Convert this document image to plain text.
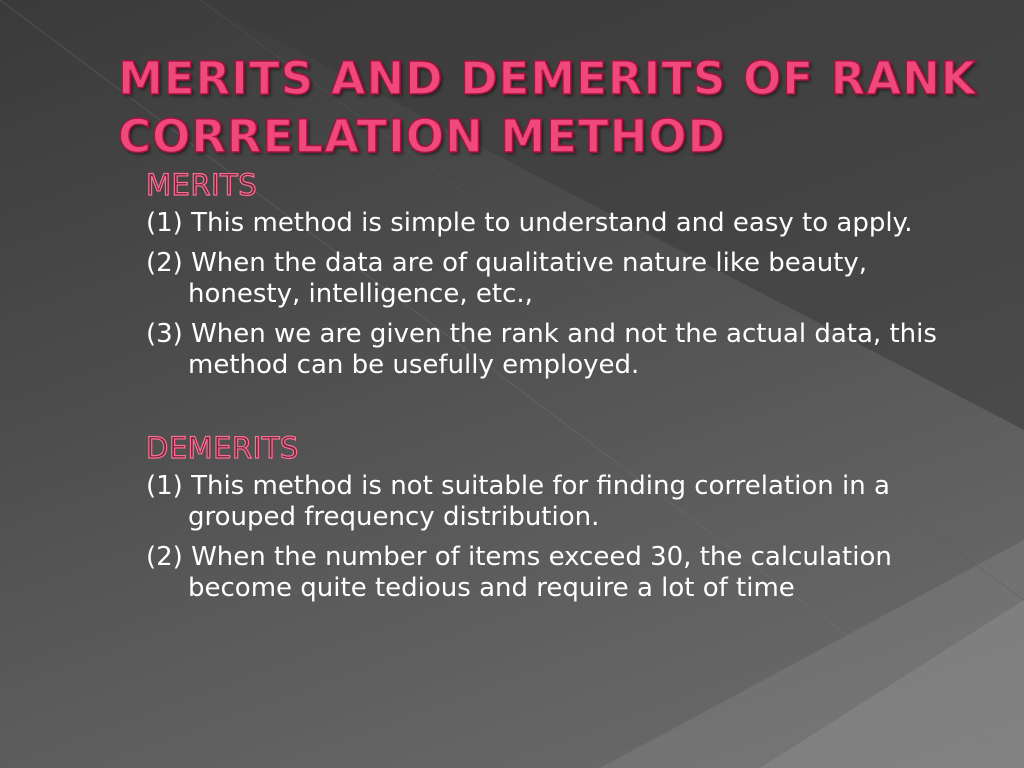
MERITS AND DEMERITS OF RANK CORRELATION METHOD
MERITS
(1) This method is simple to understand and easy to apply.
(2) When the data are of qualitative nature like beauty, honesty, intelligence, etc.,
(3) When we are given the rank and not the actual data, this method can be usefully employed.
DEMERITS
(1) This method is not suitable for finding correlation in a grouped frequency distribution.
(2) When the number of items exceed 30, the calculation become quite tedious and require a lot of time
